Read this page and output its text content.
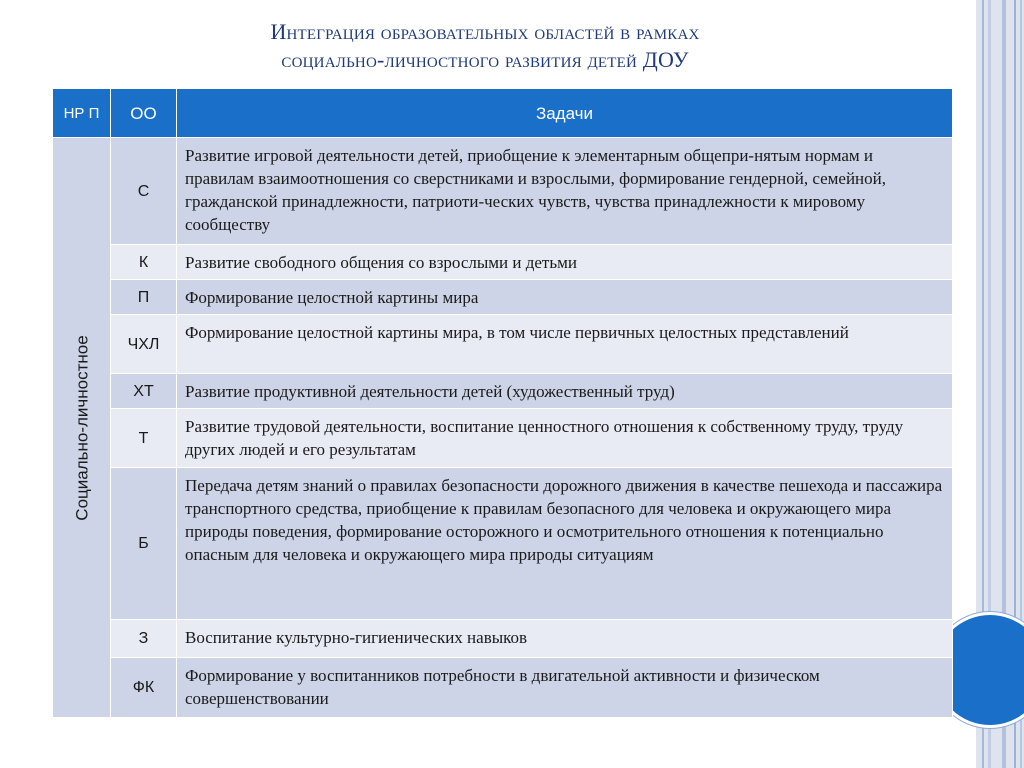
Интеграция образовательных областей в рамках
социально-личностного развития детей ДОУ
НР П	ОО	Задачи

Социально-личностное	С	Развитие игровой деятельности детей, приобщение к элементарным общепри-нятым нормам и правилам взаимоотношения со сверстниками и взрослыми, формирование гендерной, семейной, гражданской принадлежности, патриоти-ческих чувств, чувства принадлежности к мировому сообществу
	К	Развитие свободного общения со взрослыми и детьми
	П	Формирование целостной картины мира
	ЧХЛ	Формирование целостной картины мира, в том числе первичных целостных представлений
	ХТ	Развитие продуктивной деятельности детей (художественный труд)
	Т	Развитие трудовой деятельности, воспитание ценностного отношения к собственному труду, труду других людей и его результатам
	Б	Передача детям знаний о правилах безопасности дорожного движения в качестве пешехода и пассажира транспортного средства, приобщение к правилам безопасного для человека и окружающего мира природы поведения, формирование осторожного и осмотрительного отношения к потенциально опасным для человека и окружающего мира природы ситуациям
	З	Воспитание культурно-гигиенических навыков
	ФК	Формирование у воспитанников потребности в двигательной активности и физическом совершенствовании
